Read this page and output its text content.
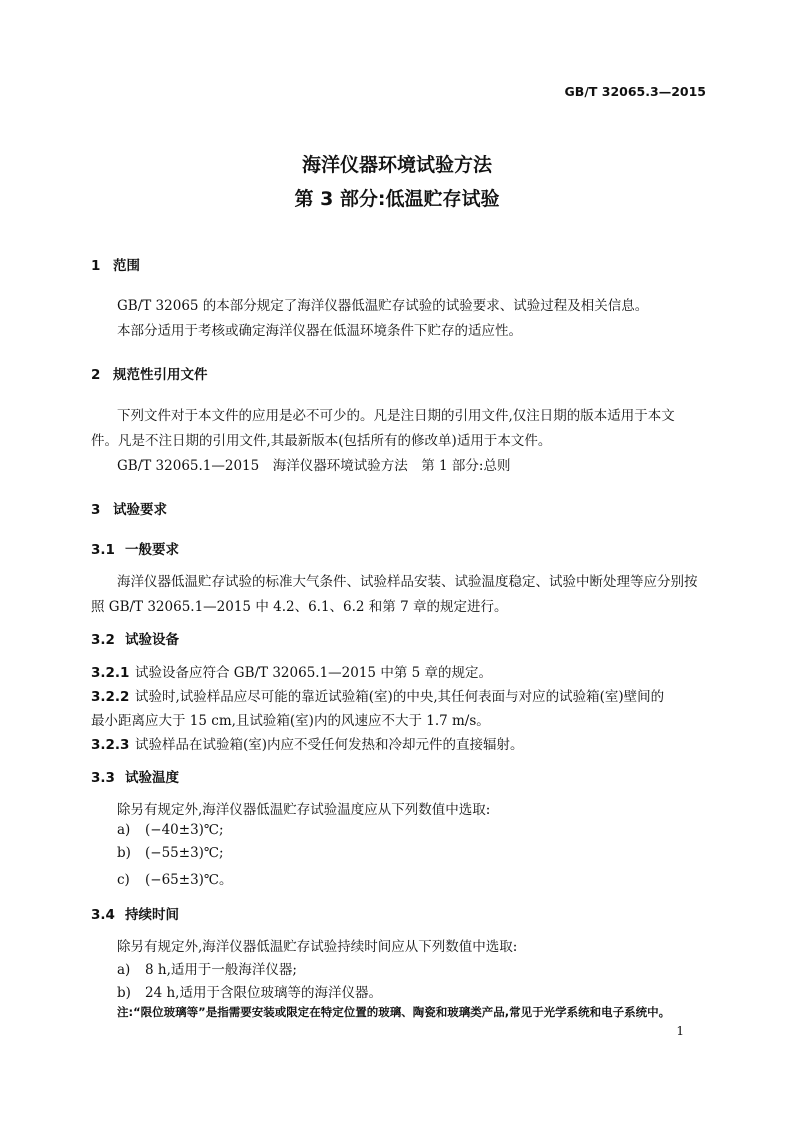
GB/T 32065.3—2015
海洋仪器环境试验方法
第 3 部分:低温贮存试验
1 范围
GB/T 32065 的本部分规定了海洋仪器低温贮存试验的试验要求、试验过程及相关信息。
本部分适用于考核或确定海洋仪器在低温环境条件下贮存的适应性。
2 规范性引用文件
下列文件对于本文件的应用是必不可少的。凡是注日期的引用文件,仅注日期的版本适用于本文
件。凡是不注日期的引用文件,其最新版本(包括所有的修改单)适用于本文件。
GB/T 32065.1—2015　海洋仪器环境试验方法　第 1 部分:总则
3 试验要求
3.1 一般要求
海洋仪器低温贮存试验的标准大气条件、试验样品安装、试验温度稳定、试验中断处理等应分别按
照 GB/T 32065.1—2015 中 4.2、6.1、6.2 和第 7 章的规定进行。
3.2 试验设备
3.2.1 试验设备应符合 GB/T 32065.1—2015 中第 5 章的规定。
3.2.2 试验时,试验样品应尽可能的靠近试验箱(室)的中央,其任何表面与对应的试验箱(室)壁间的
最小距离应大于 15 cm,且试验箱(室)内的风速应不大于 1.7 m/s。
3.2.3 试验样品在试验箱(室)内应不受任何发热和冷却元件的直接辐射。
3.3 试验温度
除另有规定外,海洋仪器低温贮存试验温度应从下列数值中选取:
a) (−40±3)℃;
b) (−55±3)℃;
c) (−65±3)℃。
3.4 持续时间
除另有规定外,海洋仪器低温贮存试验持续时间应从下列数值中选取:
a) 8 h,适用于一般海洋仪器;
b) 24 h,适用于含限位玻璃等的海洋仪器。
注:“限位玻璃等”是指需要安装或限定在特定位置的玻璃、陶瓷和玻璃类产品,常见于光学系统和电子系统中。
1
